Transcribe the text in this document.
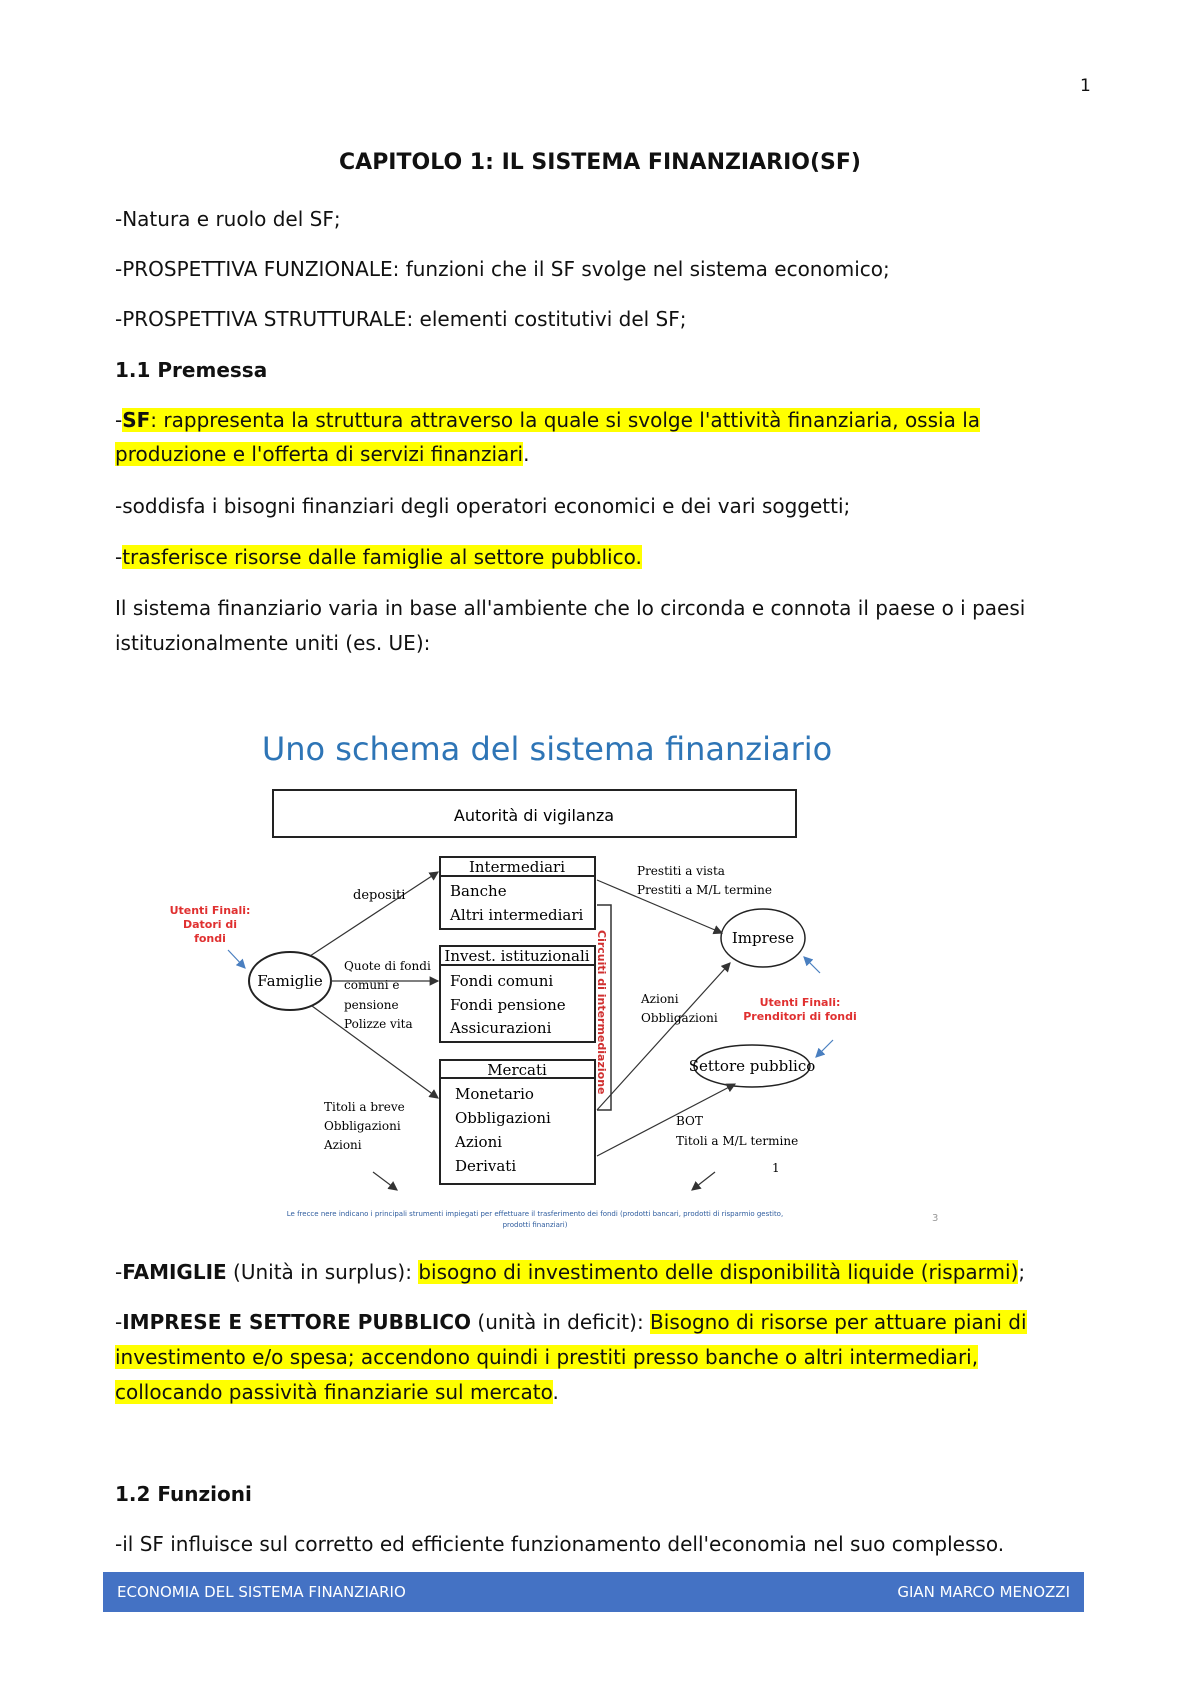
1
CAPITOLO 1: IL SISTEMA FINANZIARIO(SF)
-Natura e ruolo del SF;
-PROSPETTIVA FUNZIONALE: funzioni che il SF svolge nel sistema economico;
-PROSPETTIVA STRUTTURALE: elementi costitutivi del SF;
1.1 Premessa
-SF: rappresenta la struttura attraverso la quale si svolge l'attività finanziaria, ossia la
produzione e l'offerta di servizi finanziari.
-soddisfa i bisogni finanziari degli operatori economici e dei vari soggetti;
-trasferisce risorse dalle famiglie al settore pubblico.
Il sistema finanziario varia in base all'ambiente che lo circonda e connota il paese o i paesi
istituzionalmente uniti (es. UE):
Uno schema del sistema finanziario
Autorità di vigilanza
Intermediari
Banche
Altri intermediari
Invest. istituzionali
Fondi comuni
Fondi pensione
Assicurazioni
Mercati
Monetario
Obbligazioni
Azioni
Derivati
Famiglie
Imprese
Settore pubblico
Circuiti di intermediazione
depositi
Quote di fondi
comuni e
pensione
Polizze vita
Titoli a breve
Obbligazioni
Azioni
Prestiti a vista
Prestiti a M/L termine
Azioni
Obbligazioni
BOT
Titoli a M/L termine
1
Utenti Finali:
Datori di
fondi
Utenti Finali:
Prenditori di fondi
Le frecce nere indicano i principali strumenti impiegati per effettuare il trasferimento dei fondi (prodotti bancari, prodotti di risparmio gestito,
prodotti finanziari)
3
-FAMIGLIE (Unità in surplus): bisogno di investimento delle disponibilità liquide (risparmi);
-IMPRESE E SETTORE PUBBLICO (unità in deficit): Bisogno di risorse per attuare piani di
investimento e/o spesa; accendono quindi i prestiti presso banche o altri intermediari,
collocando passività finanziarie sul mercato.
1.2 Funzioni
-il SF influisce sul corretto ed efficiente funzionamento dell'economia nel suo complesso.
ECONOMIA DEL SISTEMA FINANZIARIO	GIAN MARCO MENOZZI
